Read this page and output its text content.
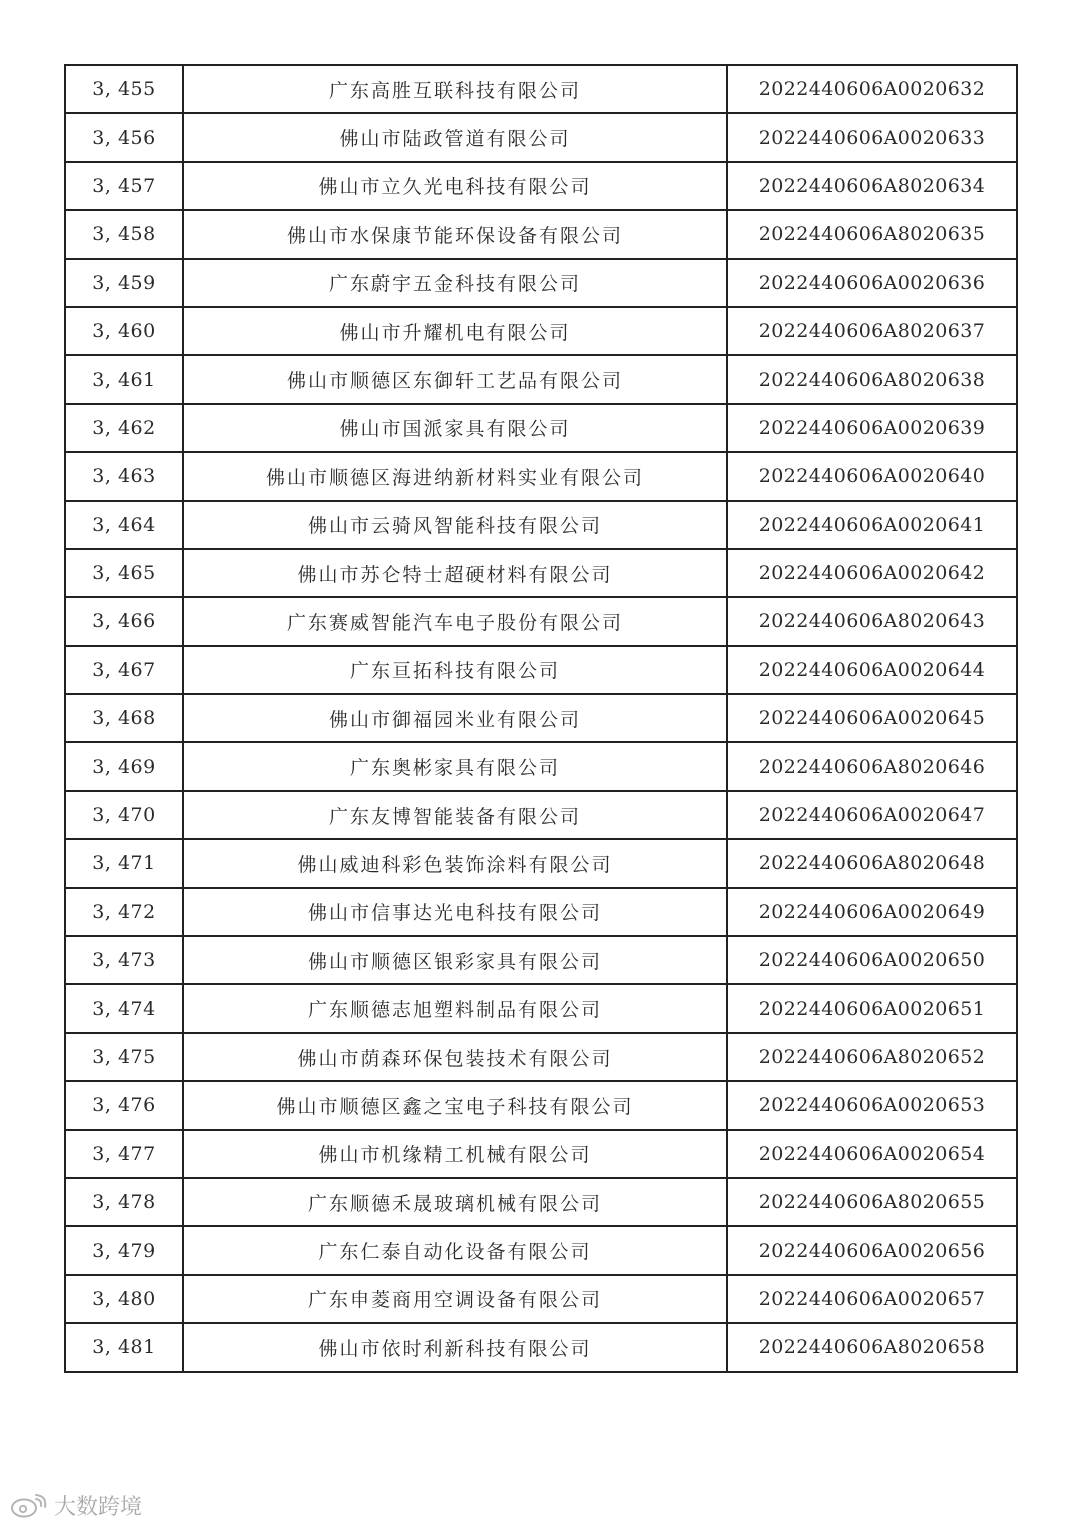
3, 455	广东高胜互联科技有限公司	2022440606A0020632
3, 456	佛山市陆政管道有限公司	2022440606A0020633
3, 457	佛山市立久光电科技有限公司	2022440606A8020634
3, 458	佛山市水保康节能环保设备有限公司	2022440606A8020635
3, 459	广东蔚宇五金科技有限公司	2022440606A0020636
3, 460	佛山市升耀机电有限公司	2022440606A8020637
3, 461	佛山市顺德区东御轩工艺品有限公司	2022440606A8020638
3, 462	佛山市国派家具有限公司	2022440606A0020639
3, 463	佛山市顺德区海进纳新材料实业有限公司	2022440606A0020640
3, 464	佛山市云骑风智能科技有限公司	2022440606A0020641
3, 465	佛山市苏仑特士超硬材料有限公司	2022440606A0020642
3, 466	广东赛威智能汽车电子股份有限公司	2022440606A8020643
3, 467	广东亘拓科技有限公司	2022440606A0020644
3, 468	佛山市御福园米业有限公司	2022440606A0020645
3, 469	广东奥彬家具有限公司	2022440606A8020646
3, 470	广东友博智能装备有限公司	2022440606A0020647
3, 471	佛山威迪科彩色装饰涂料有限公司	2022440606A8020648
3, 472	佛山市信事达光电科技有限公司	2022440606A0020649
3, 473	佛山市顺德区银彩家具有限公司	2022440606A0020650
3, 474	广东顺德志旭塑料制品有限公司	2022440606A0020651
3, 475	佛山市荫森环保包装技术有限公司	2022440606A8020652
3, 476	佛山市顺德区鑫之宝电子科技有限公司	2022440606A0020653
3, 477	佛山市机缘精工机械有限公司	2022440606A0020654
3, 478	广东顺德禾晟玻璃机械有限公司	2022440606A8020655
3, 479	广东仁泰自动化设备有限公司	2022440606A0020656
3, 480	广东申菱商用空调设备有限公司	2022440606A0020657
3, 481	佛山市依时利新科技有限公司	2022440606A8020658
大数跨境
